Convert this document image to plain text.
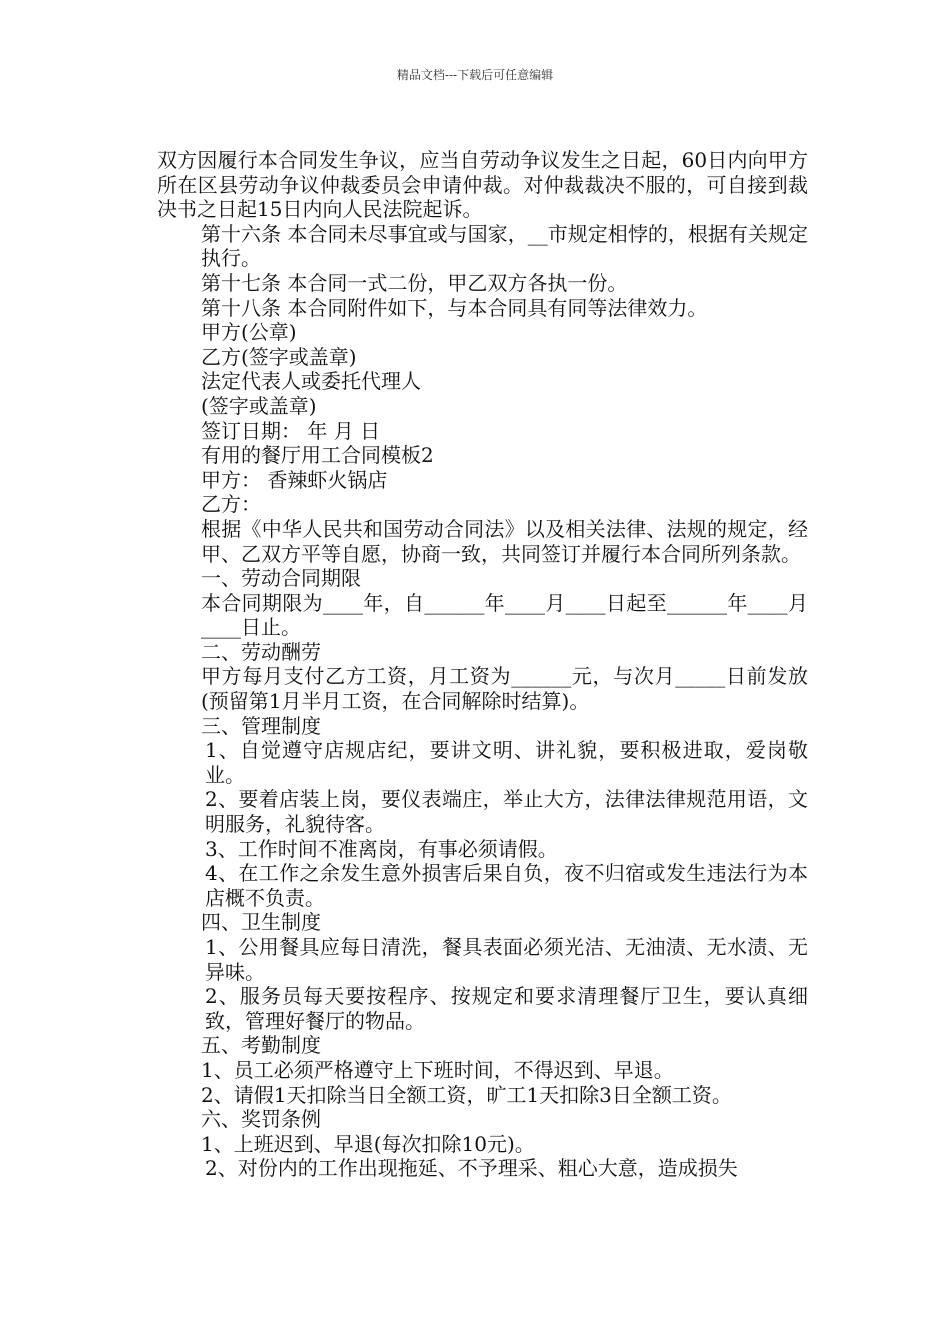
精品文档---下载后可任意编辑

双方因履行本合同发生争议，应当自劳动争议发生之日起，60日内向甲方所在区县劳动争议仲裁委员会申请仲裁。对仲裁裁决不服的，可自接到裁决书之日起15日内向人民法院起诉。

第十六条 本合同未尽事宜或与国家，__市规定相悖的，根据有关规定执行。

第十七条 本合同一式二份，甲乙双方各执一份。

第十八条 本合同附件如下，与本合同具有同等法律效力。

甲方(公章)

乙方(签字或盖章)

法定代表人或委托代理人

(签字或盖章)

签订日期： 年 月 日

有用的餐厅用工合同模板2

甲方： 香辣虾火锅店

乙方：

根据《中华人民共和国劳动合同法》以及相关法律、法规的规定，经甲、乙双方平等自愿，协商一致，共同签订并履行本合同所列条款。

一、劳动合同期限

本合同期限为____年，自______年____月____日起至______年____月____日止。

二、劳动酬劳

甲方每月支付乙方工资，月工资为______元，与次月_____日前发放(预留第1月半月工资，在合同解除时结算)。

三、管理制度

1、自觉遵守店规店纪，要讲文明、讲礼貌，要积极进取，爱岗敬业。

2、要着店装上岗，要仪表端庄，举止大方，法律法律规范用语，文明服务，礼貌待客。

3、工作时间不准离岗，有事必须请假。

4、在工作之余发生意外损害后果自负，夜不归宿或发生违法行为本店概不负责。

四、卫生制度

1、公用餐具应每日清洗，餐具表面必须光洁、无油渍、无水渍、无异味。

2、服务员每天要按程序、按规定和要求清理餐厅卫生，要认真细致，管理好餐厅的物品。

五、考勤制度

1、员工必须严格遵守上下班时间，不得迟到、早退。

2、请假1天扣除当日全额工资，旷工1天扣除3日全额工资。

六、奖罚条例

1、上班迟到、早退(每次扣除10元)。

2、对份内的工作出现拖延、不予理采、粗心大意，造成损失
